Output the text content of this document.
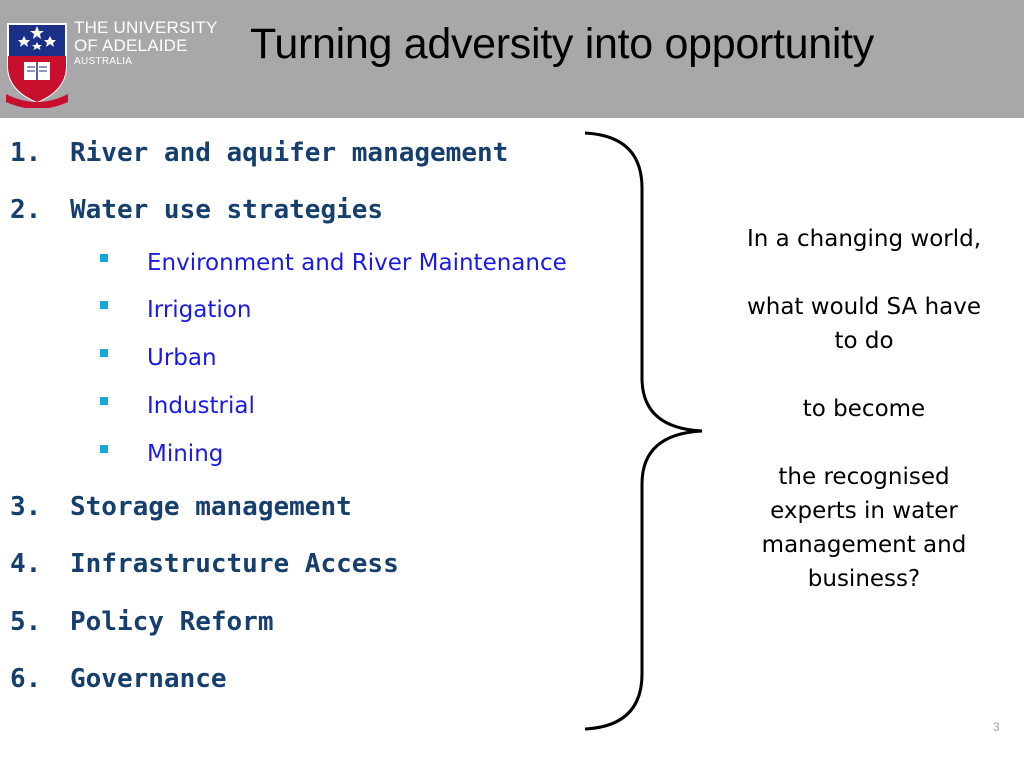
THE UNIVERSITY
OF ADELAIDE
AUSTRALIA	Turning adversity into opportunity
1. River and aquifer management
2. Water use strategies
Environment and River Maintenance
Irrigation
Urban
Industrial
Mining
3. Storage management
4. Infrastructure Access
5. Policy Reform
6. Governance

In a changing world,

what would SA have to do

to become

the recognised experts in water management and business?

3
